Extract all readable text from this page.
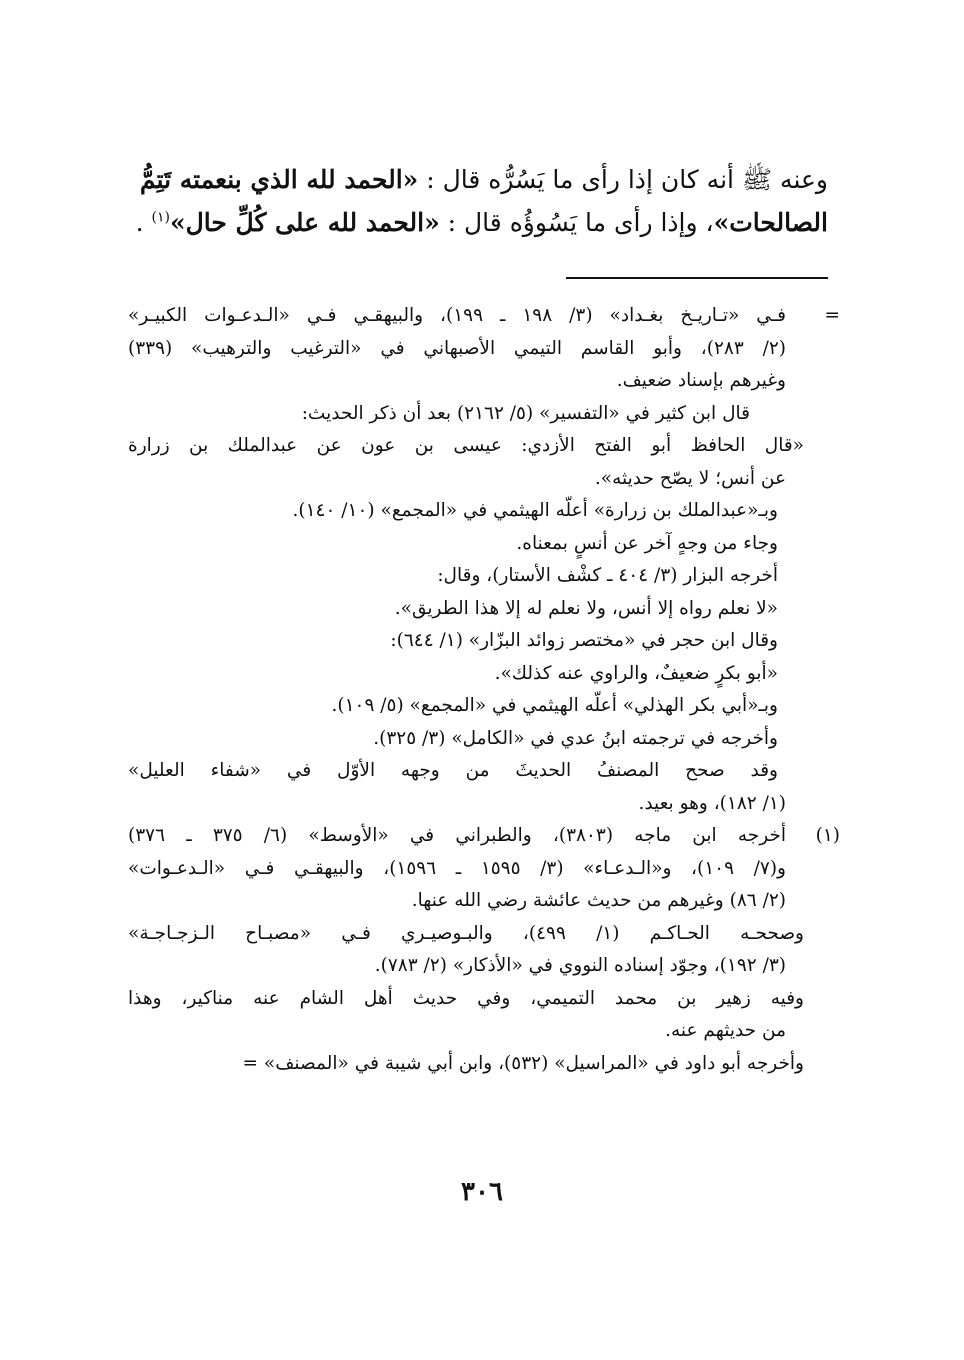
وعنه ﷺ أنه كان إذا رأى ما يَسُرُّه قال : «الحمد لله الذي بنعمته تَتِمُّ

الصالحات»، وإذا رأى ما يَسُوؤُه قال : «الحمد لله على كُلِّ حال»$^{(١)}$ .

=
فـي «تـاريـخ بغـداد» (٣/ ١٩٨ ـ ١٩٩)، والبيهقـي فـي «الـدعـوات الكبيـر»
(٢/ ٢٨٣)، وأبو القاسم التيمي الأصبهاني في «الترغيب والترهيب» (٣٣٩)
وغيرهم بإسناد ضعيف.
قال ابن كثير في «التفسير» (٥/ ٢١٦٢) بعد أن ذكر الحديث:
«قال الحافظ أبو الفتح الأزدي: عيسى بن عون عن عبدالملك بن زرارة
عن أنس؛ لا يصّح حديثه».
وبـ«عبدالملك بن زرارة» أعلّه الهيثمي في «المجمع» (١٠/ ١٤٠).
وجاء من وجهٍ آخر عن أنسٍ بمعناه.
أخرجه البزار (٣/ ٤٠٤ ـ كشْف الأستار)، وقال:
«لا نعلم رواه إلا أنس، ولا نعلم له إلا هذا الطريق».
وقال ابن حجر في «مختصر زوائد البزّار» (١/ ٦٤٤):
«أبو بكرٍ ضعيفٌ، والراوي عنه كذلك».
وبـ«أبي بكر الهذلي» أعلّه الهيثمي في «المجمع» (٥/ ١٠٩).
وأخرجه في ترجمته ابنُ عدي في «الكامل» (٣/ ٣٢٥).
وقد صحح المصنفُ الحديثَ من وجهه الأوّل في «شفاء العليل»
(١/ ١٨٢)، وهو بعيد.
(١)
أخرجه ابن ماجه (٣٨٠٣)، والطبراني في «الأوسط» (٦/ ٣٧٥ ـ ٣٧٦)
و(٧/ ١٠٩)، و«الـدعـاء» (٣/ ١٥٩٥ ـ ١٥٩٦)، والبيهقـي فـي «الـدعـوات»
(٢/ ٨٦) وغيرهم من حديث عائشة رضي الله عنها.
وصححـه الحـاكـم (١/ ٤٩٩)، والبـوصيـري فـي «مصبـاح الـزجـاجـة»
(٣/ ١٩٢)، وجوّد إسناده النووي في «الأذكار» (٢/ ٧٨٣).
وفيه زهير بن محمد التميمي، وفي حديث أهل الشام عنه مناكير، وهذا
من حديثهم عنه.
وأخرجه أبو داود في «المراسيل» (٥٣٢)، وابن أبي شيبة في «المصنف» =
٣٠٦
